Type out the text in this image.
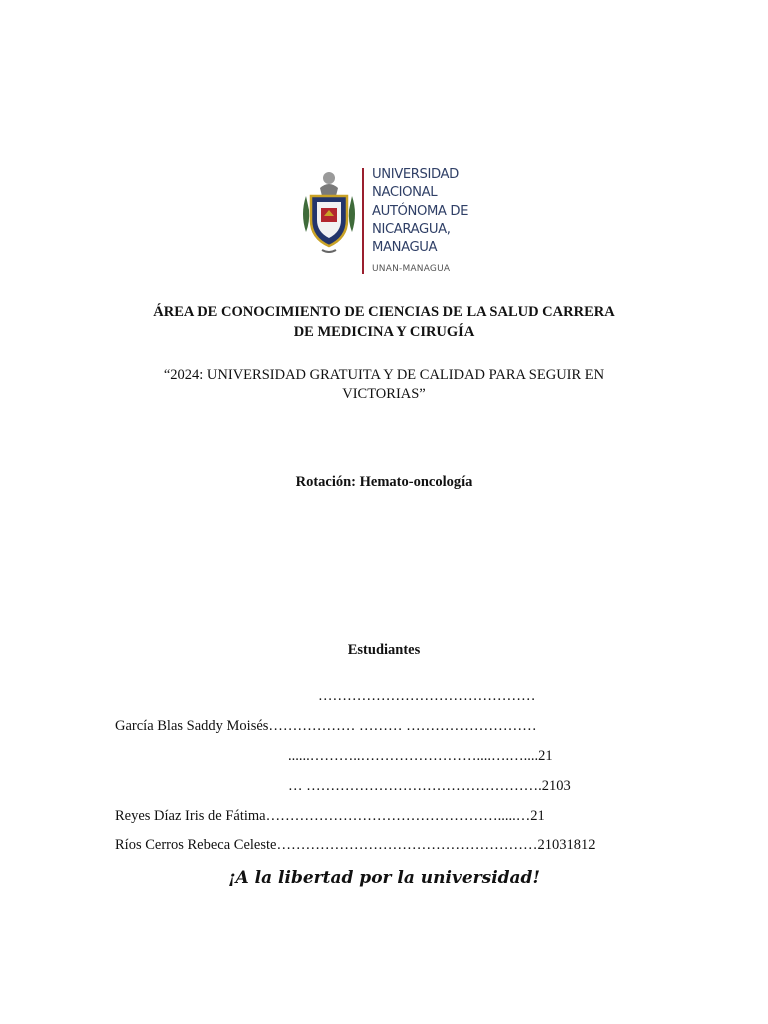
UNIVERSIDAD
NACIONAL
AUTÓNOMA DE
NICARAGUA,
MANAGUA
UNAN-MANAGUA
ÁREA DE CONOCIMIENTO DE CIENCIAS DE LA SALUD CARRERA
DE MEDICINA Y CIRUGÍA
“2024: UNIVERSIDAD GRATUITA Y DE CALIDAD PARA SEGUIR EN
VICTORIAS”
Rotación: Hemato-oncología
Estudiantes
………………………………………
García Blas Saddy Moisés……………… ……… ………………………
......………..……………………....….…....21
… ………………………………………….2103
Reyes Díaz Iris de Fátima………………………………………….....…21
Ríos Cerros Rebeca Celeste………………………………………………21031812
¡A la libertad por la universidad!
